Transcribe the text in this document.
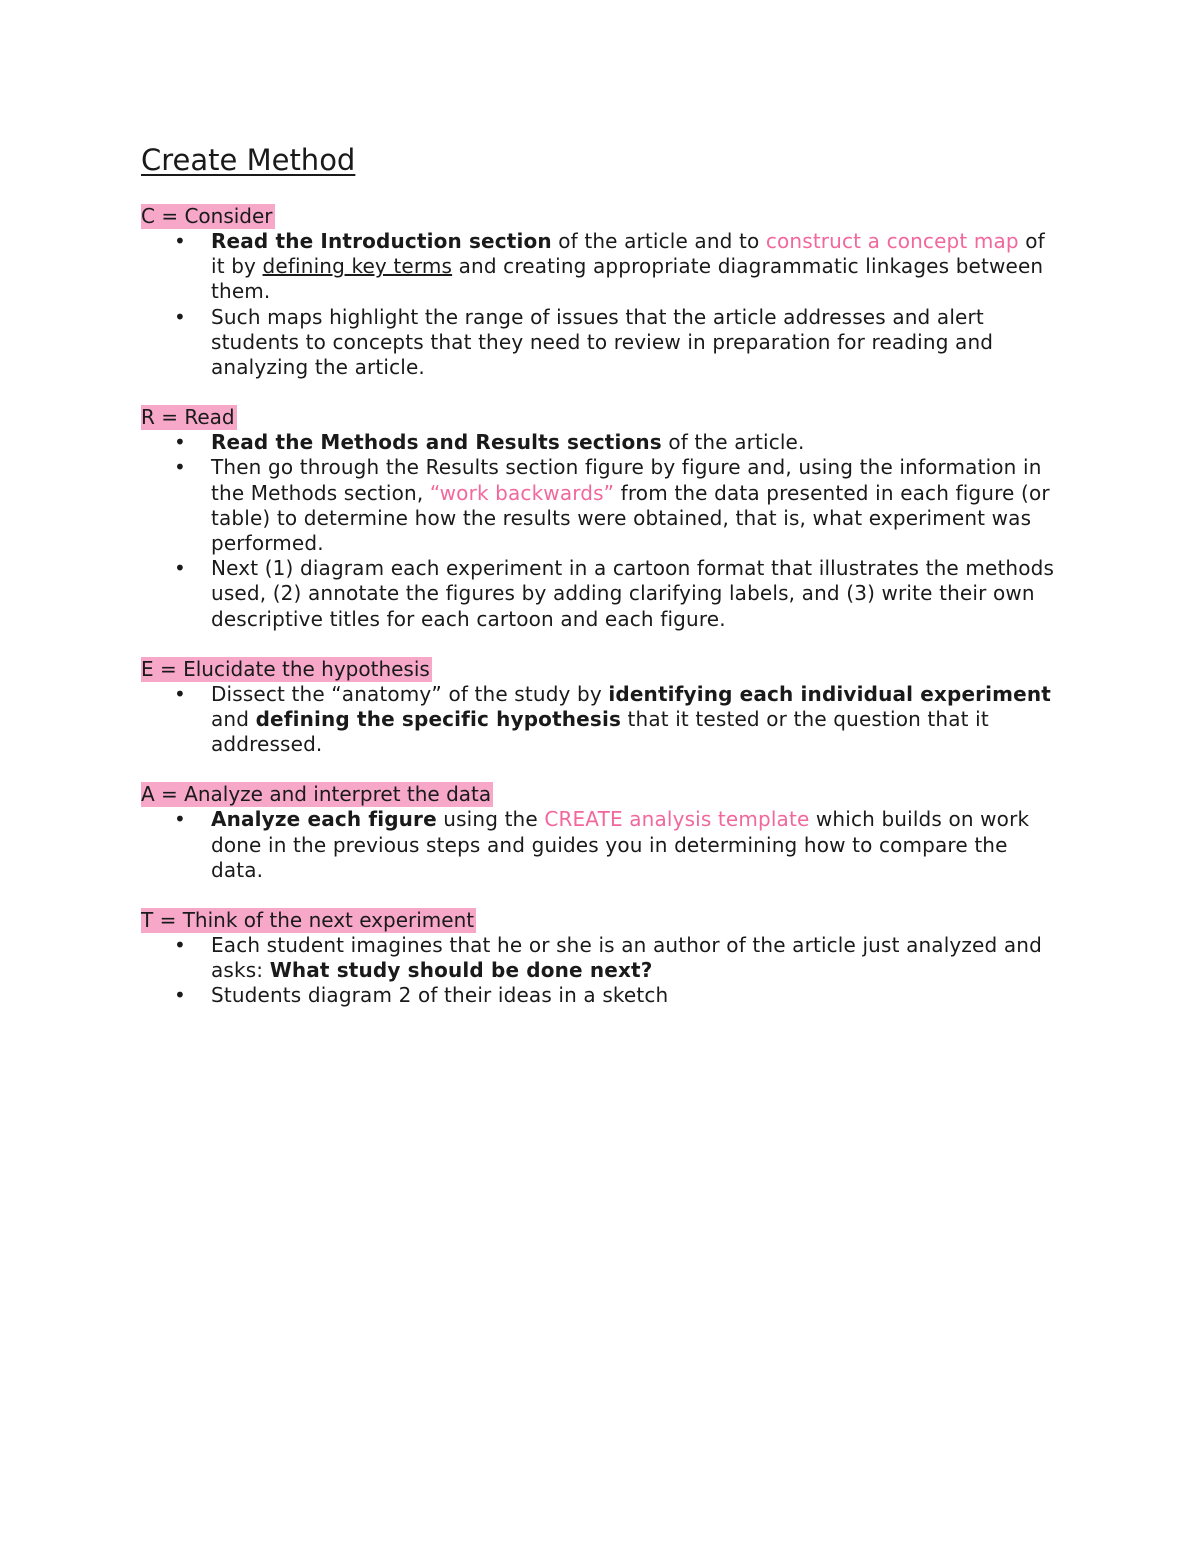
Create Method
C = Consider
• Read the Introduction section of the article and to construct a concept map of it by defining key terms and creating appropriate diagrammatic linkages between them.
• Such maps highlight the range of issues that the article addresses and alert students to concepts that they need to review in preparation for reading and analyzing the article.
R = Read
• Read the Methods and Results sections of the article.
• Then go through the Results section figure by figure and, using the information in the Methods section, “work backwards” from the data presented in each figure (or table) to determine how the results were obtained, that is, what experiment was performed.
• Next (1) diagram each experiment in a cartoon format that illustrates the methods used, (2) annotate the figures by adding clarifying labels, and (3) write their own descriptive titles for each cartoon and each figure.
E = Elucidate the hypothesis
• Dissect the “anatomy” of the study by identifying each individual experiment and defining the specific hypothesis that it tested or the question that it addressed.
A = Analyze and interpret the data
• Analyze each figure using the CREATE analysis template which builds on work done in the previous steps and guides you in determining how to compare the data.
T = Think of the next experiment
• Each student imagines that he or she is an author of the article just analyzed and asks: What study should be done next?
• Students diagram 2 of their ideas in a sketch
